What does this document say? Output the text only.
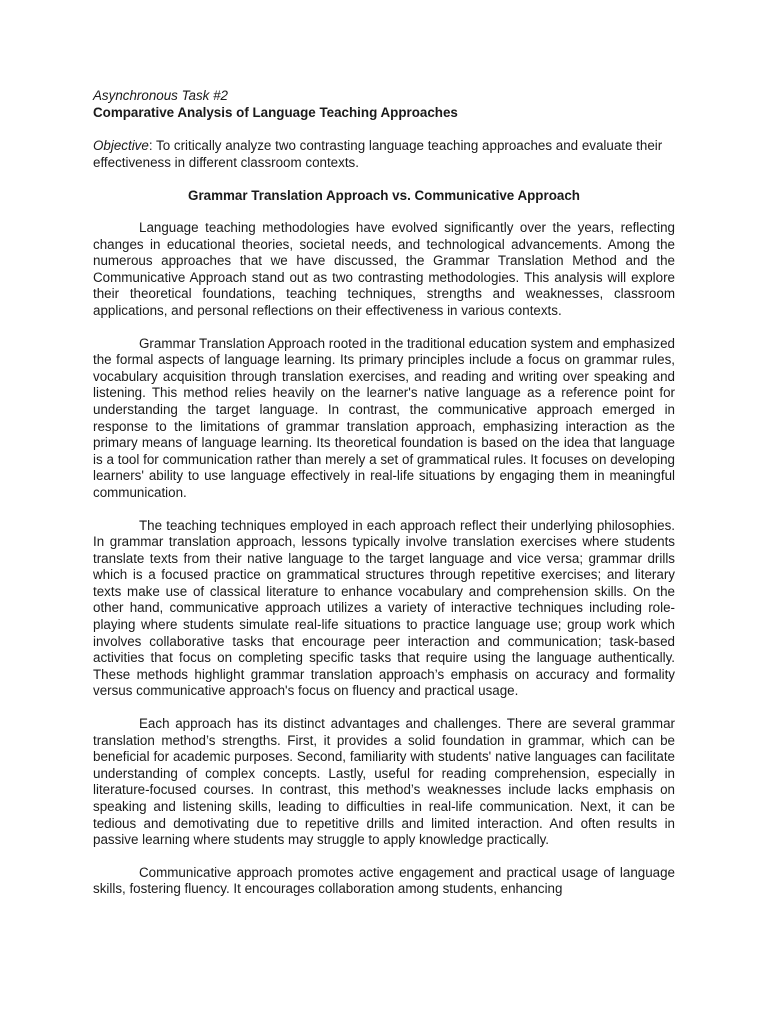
Asynchronous Task #2

Comparative Analysis of Language Teaching Approaches

Objective: To critically analyze two contrasting language teaching approaches and evaluate their effectiveness in different classroom contexts.

Grammar Translation Approach vs. Communicative Approach

Language teaching methodologies have evolved significantly over the years, reflecting changes in educational theories, societal needs, and technological advancements. Among the numerous approaches that we have discussed, the Grammar Translation Method and the Communicative Approach stand out as two contrasting methodologies. This analysis will explore their theoretical foundations, teaching techniques, strengths and weaknesses, classroom applications, and personal reflections on their effectiveness in various contexts.

Grammar Translation Approach rooted in the traditional education system and emphasized the formal aspects of language learning. Its primary principles include a focus on grammar rules, vocabulary acquisition through translation exercises, and reading and writing over speaking and listening. This method relies heavily on the learner's native language as a reference point for understanding the target language. In contrast, the communicative approach emerged in response to the limitations of grammar translation approach, emphasizing interaction as the primary means of language learning. Its theoretical foundation is based on the idea that language is a tool for communication rather than merely a set of grammatical rules. It focuses on developing learners' ability to use language effectively in real-life situations by engaging them in meaningful communication.

The teaching techniques employed in each approach reflect their underlying philosophies. In grammar translation approach, lessons typically involve translation exercises where students translate texts from their native language to the target language and vice versa; grammar drills which is a focused practice on grammatical structures through repetitive exercises; and literary texts make use of classical literature to enhance vocabulary and comprehension skills. On the other hand, communicative approach utilizes a variety of interactive techniques including role-playing where students simulate real-life situations to practice language use; group work which involves collaborative tasks that encourage peer interaction and communication; task-based activities that focus on completing specific tasks that require using the language authentically. These methods highlight grammar translation approach’s emphasis on accuracy and formality versus communicative approach's focus on fluency and practical usage.

Each approach has its distinct advantages and challenges. There are several grammar translation method’s strengths. First, it provides a solid foundation in grammar, which can be beneficial for academic purposes. Second, familiarity with students' native languages can facilitate understanding of complex concepts. Lastly, useful for reading comprehension, especially in literature-focused courses. In contrast, this method’s weaknesses include lacks emphasis on speaking and listening skills, leading to difficulties in real-life communication. Next, it can be tedious and demotivating due to repetitive drills and limited interaction. And often results in passive learning where students may struggle to apply knowledge practically.

Communicative approach promotes active engagement and practical usage of language skills, fostering fluency. It encourages collaboration among students, enhancing
